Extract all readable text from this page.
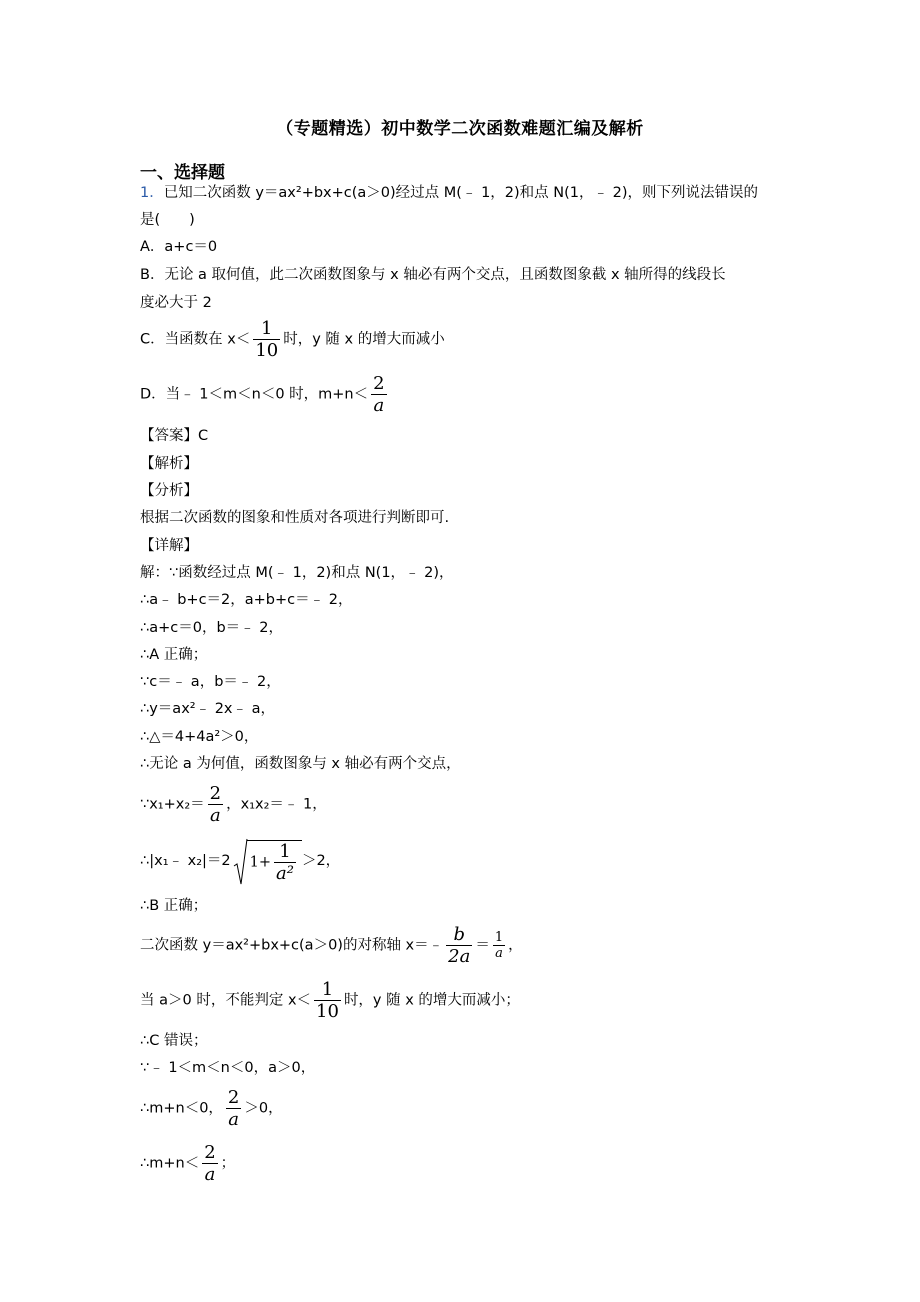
（专题精选）初中数学二次函数难题汇编及解析
一、选择题
1．已知二次函数 y＝ax²+bx+c(a＞0)经过点 M(﹣ 1，2)和点 N(1，﹣ 2)，则下列说法错误的
是(　　)
A．a+c＝0
B．无论 a 取何值，此二次函数图象与 x 轴必有两个交点，且函数图象截 x 轴所得的线段长
度必大于 2
C．当函数在 $x< \frac{1}{10}$ 时，y 随 x 的增大而减小
D．当﹣ 1＜m＜n＜0 时，$m+n< \frac{2}{a}$
【答案】C
【解析】
【分析】
根据二次函数的图象和性质对各项进行判断即可.
【详解】
解：∵函数经过点 M(﹣ 1，2)和点 N(1，﹣ 2)，
∴a﹣ b+c＝2，a+b+c＝﹣ 2，
∴a+c＝0，b＝﹣ 2，
∴A 正确；
∵c＝﹣ a，b＝﹣ 2，
∴y＝ax²﹣ 2x﹣ a，
∴△＝4+4a²＞0，
∴无论 a 为何值，函数图象与 x 轴必有两个交点，
∵x₁+x₂＝ $\frac{2}{a}$ ，x₁x₂＝﹣ 1，
∴|x₁﹣ x₂|＝2 $1+ \frac{1}{\text{a²}} >2$，
∴B 正确；
二次函数 y＝ax²+bx+c(a＞0)的对称轴 x＝﹣ $\frac{b}{2a} = \frac{1}{a}$ ，
当 a＞0 时，不能判定 $x< \frac{1}{10}$ 时，y 随 x 的增大而减小；
∴C 错误；
∵﹣ 1＜m＜n＜0，a＞0，
∴m+n＜0， $\frac{2}{a} >0$，
∴m+n＜ $\frac{2}{a}$ ；
